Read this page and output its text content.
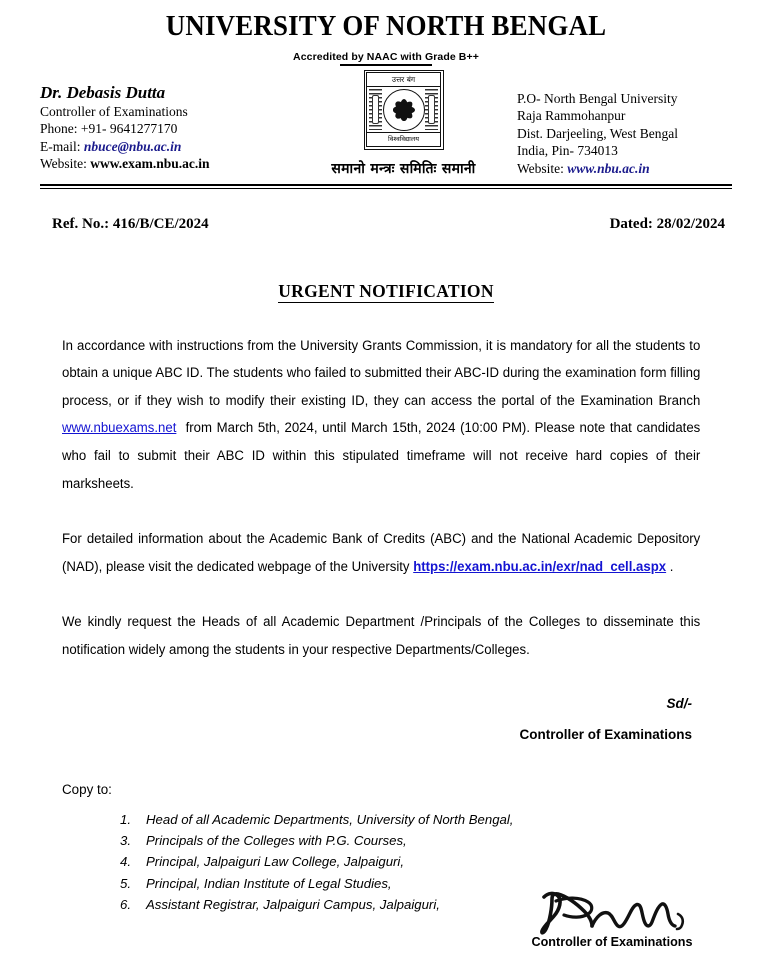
UNIVERSITY OF NORTH BENGAL
Accredited by NAAC with Grade B++
Dr. Debasis Dutta
Controller of Examinations
Phone: +91- 9641277170
E-mail: nbuce@nbu.ac.in
Website: www.exam.nbu.ac.in
उत्तर बंग
विश्वविद्यालय
समानो मन्त्रः समितिः समानी
P.O- North Bengal University
Raja Rammohanpur
Dist. Darjeeling, West Bengal
India, Pin- 734013
Website: www.nbu.ac.in
Ref. No.: 416/B/CE/2024	Dated: 28/02/2024
URGENT NOTIFICATION

In accordance with instructions from the University Grants Commission, it is mandatory for all the students to obtain a unique ABC ID. The students who failed to submitted their ABC-ID during the examination form filling process, or if they wish to modify their existing ID, they can access the portal of the Examination Branch www.nbuexams.net from March 5th, 2024, until March 15th, 2024 (10:00 PM). Please note that candidates who fail to submit their ABC ID within this stipulated timeframe will not receive hard copies of their marksheets.

For detailed information about the Academic Bank of Credits (ABC) and the National Academic Depository (NAD), please visit the dedicated webpage of the University https://exam.nbu.ac.in/exr/nad_cell.aspx .

We kindly request the Heads of all Academic Department /Principals of the Colleges to disseminate this notification widely among the students in your respective Departments/Colleges.

Sd/-
Controller of Examinations
Copy to:
1. Head of all Academic Departments, University of North Bengal,
3. Principals of the Colleges with P.G. Courses,
4. Principal, Jalpaiguri Law College, Jalpaiguri,
5. Principal, Indian Institute of Legal Studies,
6. Assistant Registrar, Jalpaiguri Campus, Jalpaiguri,
Controller of Examinations
